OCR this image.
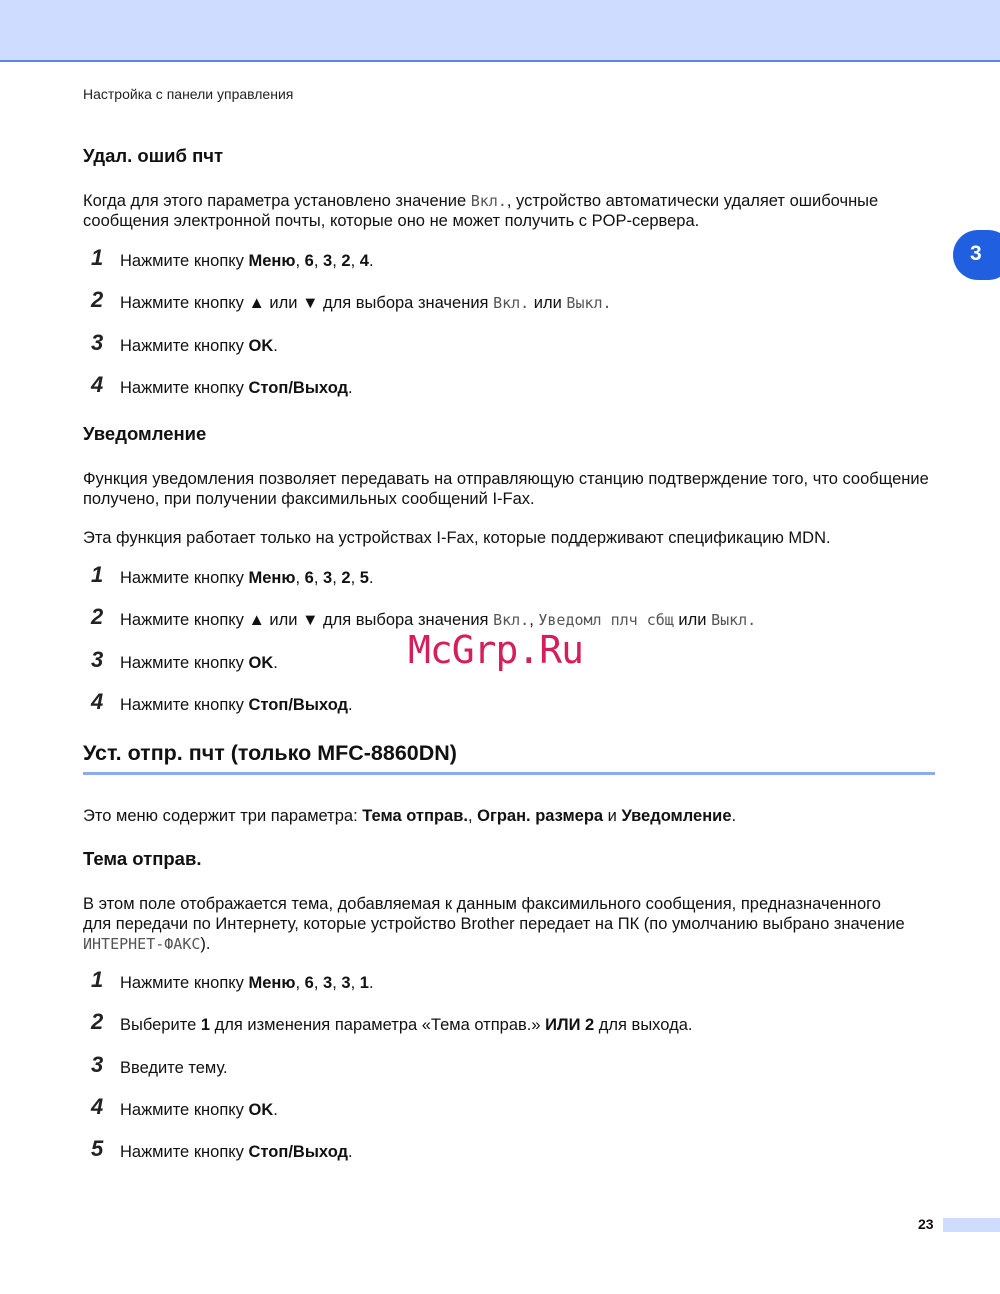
Настройка с панели управления
3
Удал. ошиб пчт
Когда для этого параметра установлено значение Вкл., устройство автоматически удаляет ошибочные сообщения электронной почты, которые оно не может получить с POP-сервера.
1 Нажмите кнопку Меню, 6, 3, 2, 4.
2 Нажмите кнопку ▲ или ▼ для выбора значения Вкл. или Выкл.
3 Нажмите кнопку OK.
4 Нажмите кнопку Стоп/Выход.
Уведомление
Функция уведомления позволяет передавать на отправляющую станцию подтверждение того, что сообщение получено, при получении факсимильных сообщений I-Fax.
Эта функция работает только на устройствах I-Fax, которые поддерживают спецификацию MDN.
1 Нажмите кнопку Меню, 6, 3, 2, 5.
2 Нажмите кнопку ▲ или ▼ для выбора значения Вкл., Уведомл плч сбщ или Выкл.
3 Нажмите кнопку OK.
4 Нажмите кнопку Стоп/Выход.
McGrp.Ru
Уст. отпр. пчт (только MFC-8860DN)
Это меню содержит три параметра: Тема отправ., Огран. размера и Уведомление.
Тема отправ.
В этом поле отображается тема, добавляемая к данным факсимильного сообщения, предназначенного для передачи по Интернету, которые устройство Brother передает на ПК (по умолчанию выбрано значение ИНТЕРНЕТ-ФАКС).
1 Нажмите кнопку Меню, 6, 3, 3, 1.
2 Выберите 1 для изменения параметра «Тема отправ.» ИЛИ 2 для выхода.
3 Введите тему.
4 Нажмите кнопку OK.
5 Нажмите кнопку Стоп/Выход.
23
